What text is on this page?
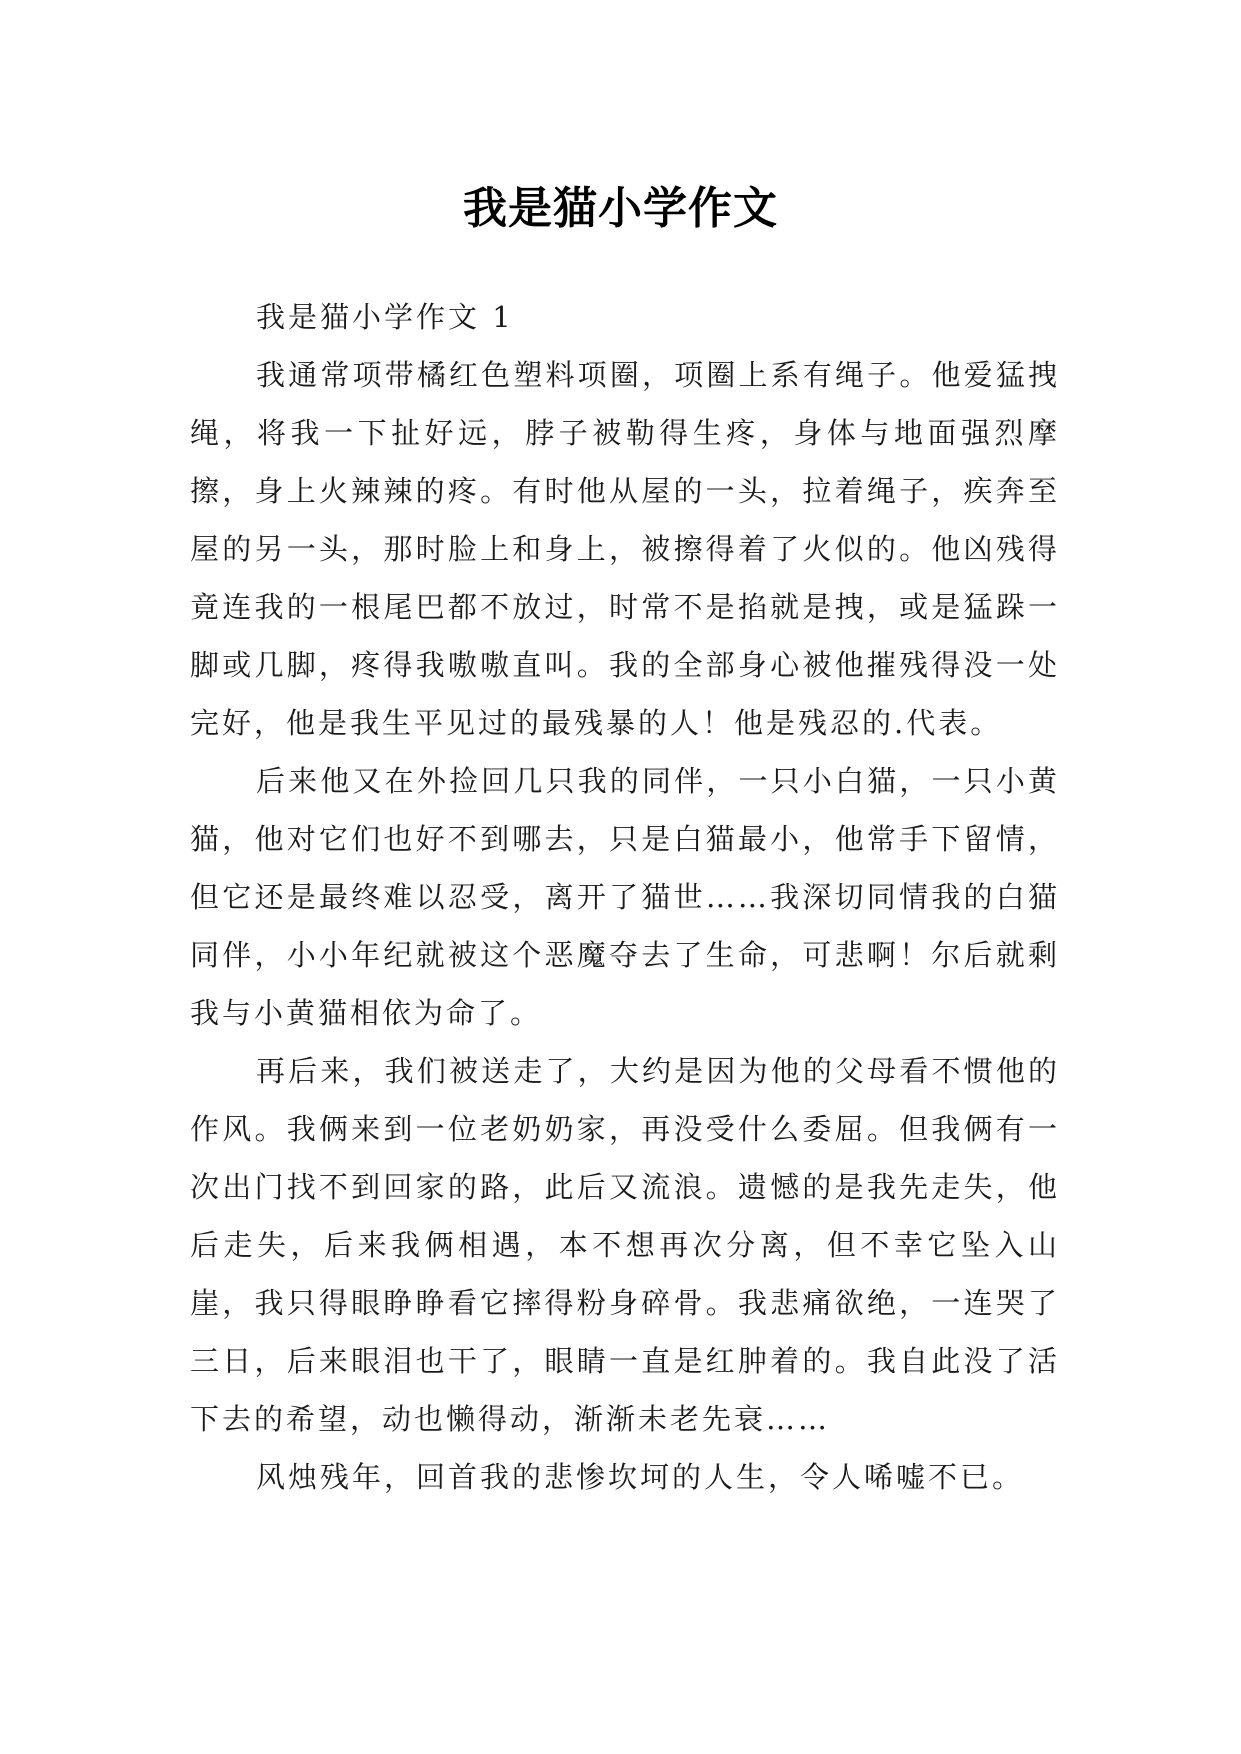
我是猫小学作文

我是猫小学作文 1

我通常项带橘红色塑料项圈，项圈上系有绳子。他爱猛拽绳，将我一下扯好远，脖子被勒得生疼，身体与地面强烈摩擦，身上火辣辣的疼。有时他从屋的一头，拉着绳子，疾奔至屋的另一头，那时脸上和身上，被擦得着了火似的。他凶残得竟连我的一根尾巴都不放过，时常不是掐就是拽，或是猛跺一脚或几脚，疼得我嗷嗷直叫。我的全部身心被他摧残得没一处完好，他是我生平见过的最残暴的人！他是残忍的.代表。

后来他又在外捡回几只我的同伴，一只小白猫，一只小黄猫，他对它们也好不到哪去，只是白猫最小，他常手下留情，但它还是最终难以忍受，离开了猫世……我深切同情我的白猫同伴，小小年纪就被这个恶魔夺去了生命，可悲啊！尔后就剩我与小黄猫相依为命了。

再后来，我们被送走了，大约是因为他的父母看不惯他的作风。我俩来到一位老奶奶家，再没受什么委屈。但我俩有一次出门找不到回家的路，此后又流浪。遗憾的是我先走失，他后走失，后来我俩相遇，本不想再次分离，但不幸它坠入山崖，我只得眼睁睁看它摔得粉身碎骨。我悲痛欲绝，一连哭了三日，后来眼泪也干了，眼睛一直是红肿着的。我自此没了活下去的希望，动也懒得动，渐渐未老先衰……

风烛残年，回首我的悲惨坎坷的人生，令人唏嘘不已。
